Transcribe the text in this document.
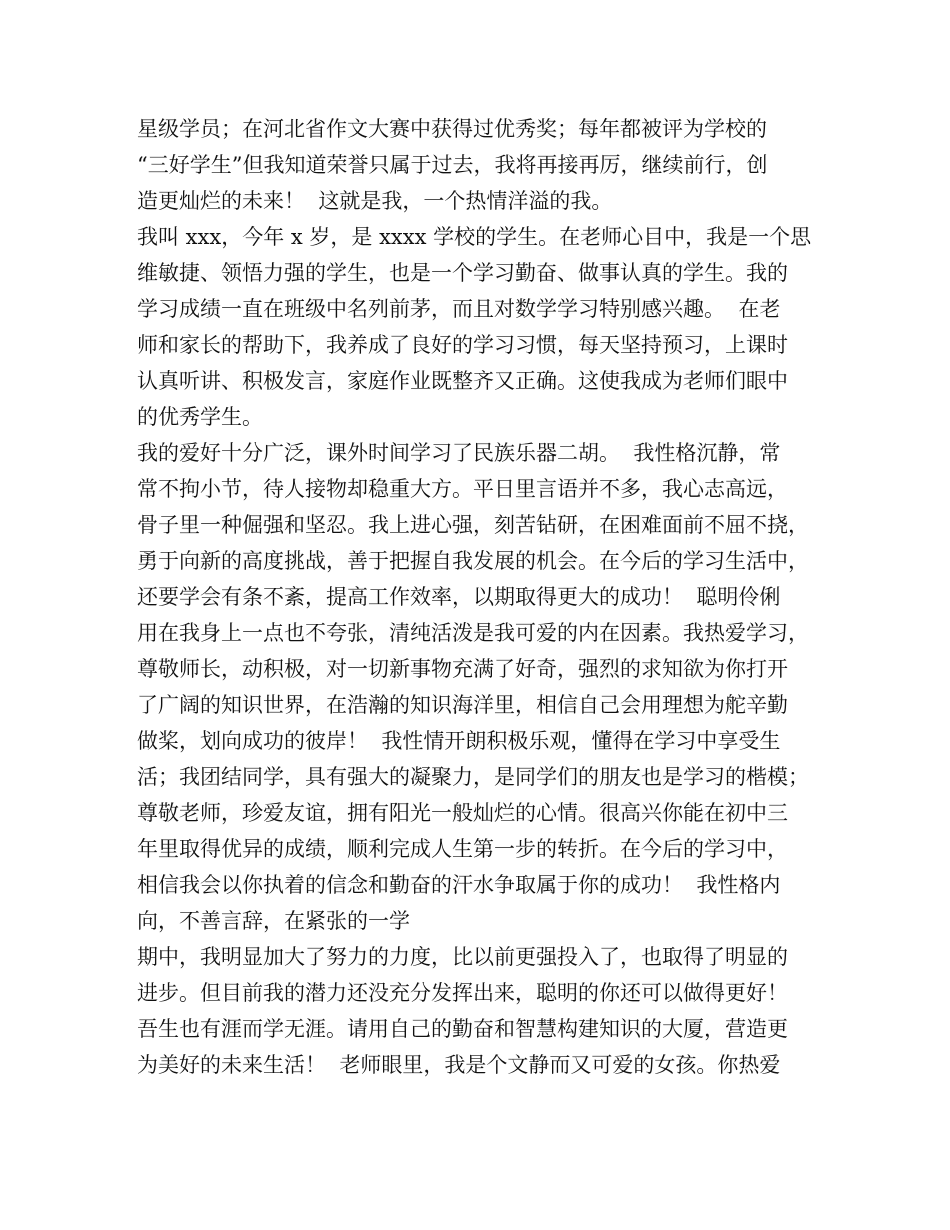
星级学员；在河北省作文大赛中获得过优秀奖；每年都被评为学校的
“三好学生”但我知道荣誉只属于过去，我将再接再厉，继续前行，创
造更灿烂的未来！  这就是我，一个热情洋溢的我。
我叫 xxx，今年 x 岁，是 xxxx 学校的学生。在老师心目中，我是一个思
维敏捷、领悟力强的学生，也是一个学习勤奋、做事认真的学生。我的
学习成绩一直在班级中名列前茅，而且对数学学习特别感兴趣。  在老
师和家长的帮助下，我养成了良好的学习习惯，每天坚持预习，上课时
认真听讲、积极发言，家庭作业既整齐又正确。这使我成为老师们眼中
的优秀学生。
我的爱好十分广泛，课外时间学习了民族乐器二胡。  我性格沉静，常
常不拘小节，待人接物却稳重大方。平日里言语并不多，我心志高远，
骨子里一种倔强和坚忍。我上进心强，刻苦钻研，在困难面前不屈不挠，
勇于向新的高度挑战，善于把握自我发展的机会。在今后的学习生活中，
还要学会有条不紊，提高工作效率，以期取得更大的成功！  聪明伶俐
用在我身上一点也不夸张，清纯活泼是我可爱的内在因素。我热爱学习，
尊敬师长，动积极，对一切新事物充满了好奇，强烈的求知欲为你打开
了广阔的知识世界，在浩瀚的知识海洋里，相信自己会用理想为舵辛勤
做桨，划向成功的彼岸！  我性情开朗积极乐观，懂得在学习中享受生
活；我团结同学，具有强大的凝聚力，是同学们的朋友也是学习的楷模；
尊敬老师，珍爱友谊，拥有阳光一般灿烂的心情。很高兴你能在初中三
年里取得优异的成绩，顺利完成人生第一步的转折。在今后的学习中，
相信我会以你执着的信念和勤奋的汗水争取属于你的成功！  我性格内
向，不善言辞，在紧张的一学
期中，我明显加大了努力的力度，比以前更强投入了，也取得了明显的
进步。但目前我的潜力还没充分发挥出来，聪明的你还可以做得更好！
吾生也有涯而学无涯。请用自己的勤奋和智慧构建知识的大厦，营造更
为美好的未来生活！  老师眼里，我是个文静而又可爱的女孩。你热爱
